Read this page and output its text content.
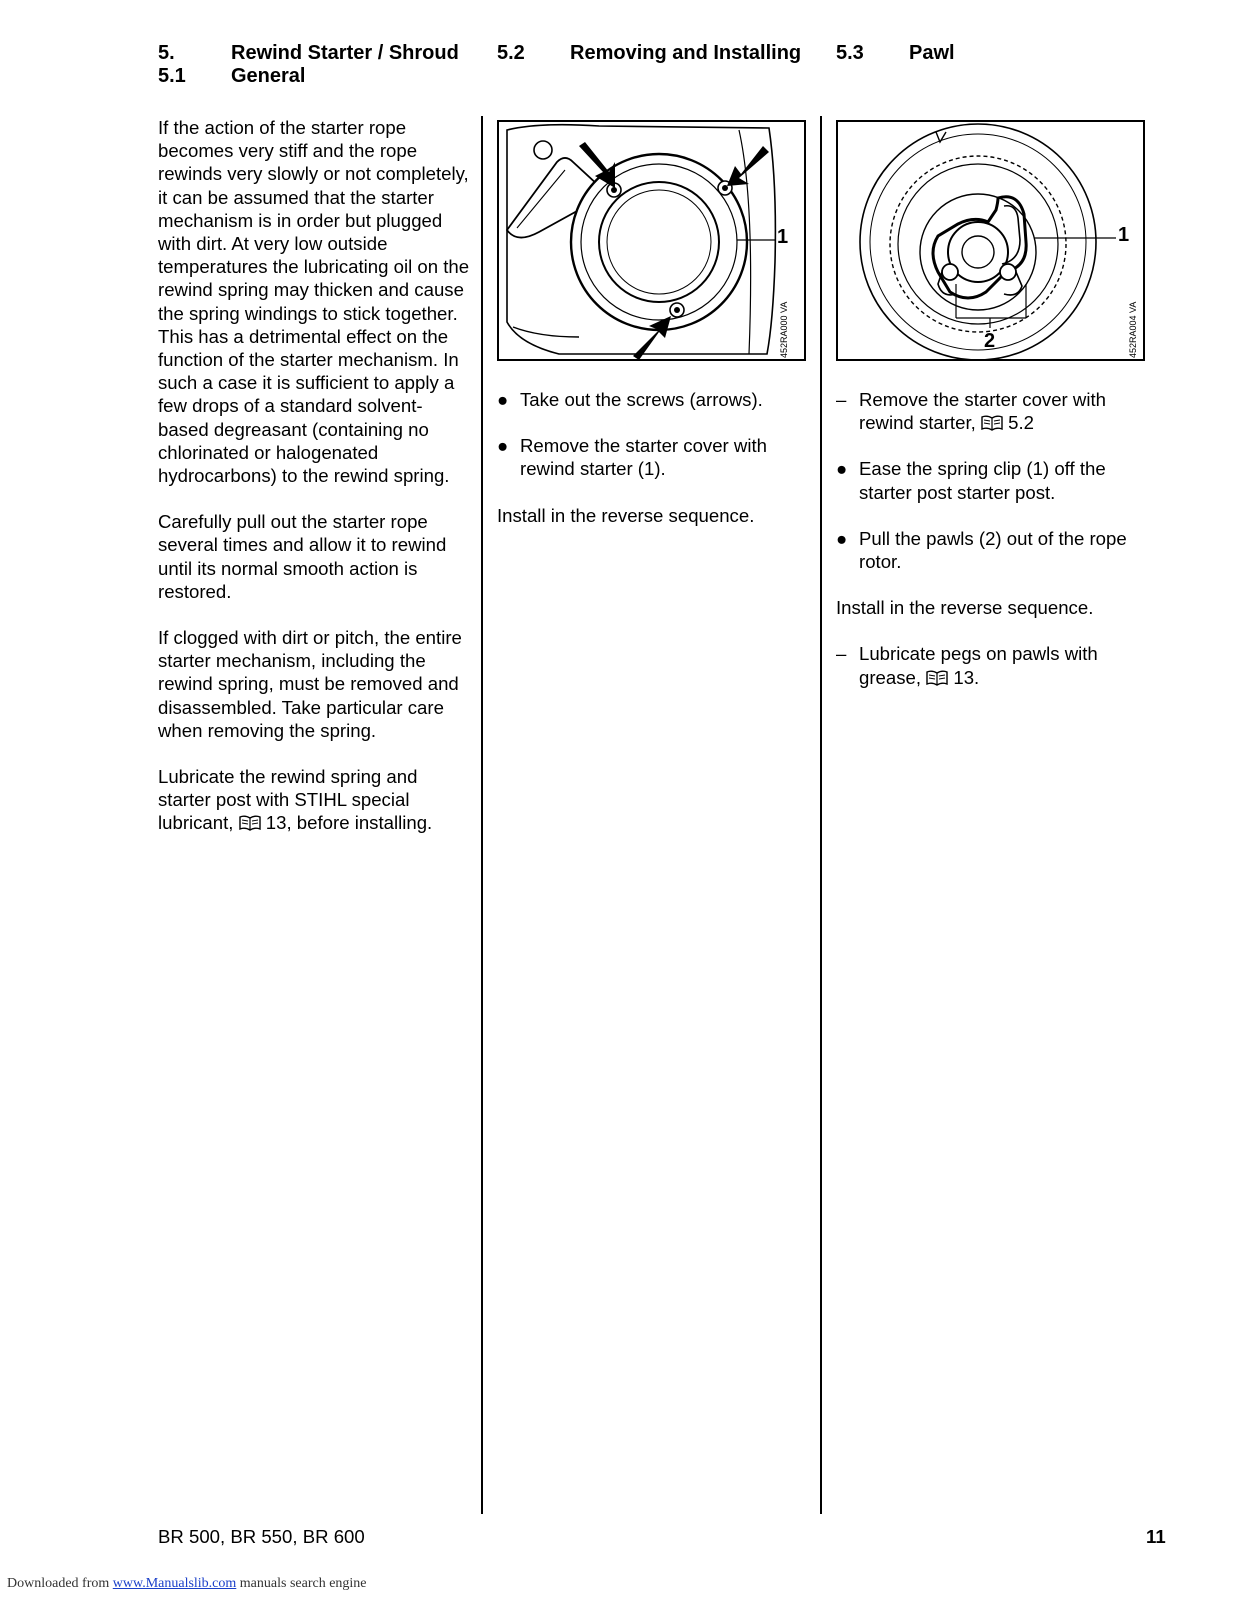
5.	Rewind Starter / Shroud
5.1 General
5.2 Removing and Installing 5.3 Pawl

If the action of the starter rope becomes very stiff and the rope rewinds very slowly or not completely, it can be assumed that the starter mechanism is in order but plugged with dirt. At very low outside temperatures the lubricating oil on the rewind spring may thicken and cause the spring windings to stick together. This has a detrimental effect on the function of the starter mechanism. In such a case it is sufficient to apply a few drops of a standard solvent-based degreasant (containing no chlorinated or halogenated hydrocarbons) to the rewind spring.

Carefully pull out the starter rope several times and allow it to rewind until its normal smooth action is restored.

If clogged with dirt or pitch, the entire starter mechanism, including the rewind spring, must be removed and disassembled. Take particular care when removing the spring.

Lubricate the rewind spring and starter post with STIHL special lubricant, 13, before installing.

1
452RA000 VA
● Take out the screws (arrows).
● Remove the starter cover with rewind starter (1).

Install in the reverse sequence.

1
2	452RA004 VA
– Remove the starter cover with rewind starter, 5.2
● Ease the spring clip (1) off the starter post starter post.
● Pull the pawls (2) out of the rope rotor.

Install in the reverse sequence.

– Lubricate pegs on pawls with grease, 13.
BR 500, BR 550, BR 600	11
Downloaded from www.Manualslib.com manuals search engine
